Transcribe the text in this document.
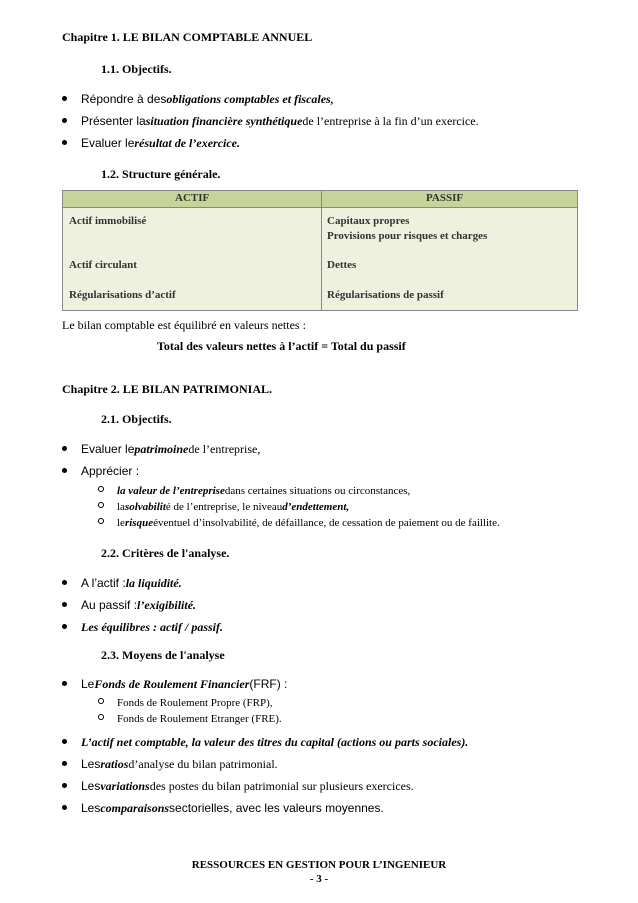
Chapitre 1. LE BILAN COMPTABLE ANNUEL
1.1. Objectifs.
Répondre à des obligations comptables et fiscales,
Présenter la situation financière synthétique de l’entreprise à la fin d’un exercice.
Evaluer le résultat de l’exercice.
1.2. Structure générale.
ACTIF	PASSIF
Actif immobilisé
Actif circulant
Régularisations d’actif
Capitaux propres
Provisions pour risques et charges
Dettes
Régularisations de passif
Le bilan comptable est équilibré en valeurs nettes :
Total des valeurs nettes à l’actif = Total du passif
Chapitre 2. LE BILAN PATRIMONIAL.
2.1. Objectifs.
Evaluer le patrimoine de l’entreprise,
Apprécier :
la valeur de l’entreprise dans certaines situations ou circonstances,
la solvabilit é de l’entreprise, le niveau d’endettement,
le risque éventuel d’insolvabilité, de défaillance, de cessation de paiement ou de faillite.
2.2. Critères de l'analyse.
A l’actif : la liquidité.
Au passif : l’exigibilité.
Les équilibres : actif / passif.
2.3. Moyens de l'analyse
Le Fonds de Roulement Financier (FRF) :
Fonds de Roulement Propre (FRP),
Fonds de Roulement Etranger (FRE).
L’actif net comptable, la valeur des titres du capital (actions ou parts sociales).
Les ratios d’analyse du bilan patrimonial.
Les variations des postes du bilan patrimonial sur plusieurs exercices.
Les comparaisons sectorielles, avec les valeurs moyennes.
RESSOURCES EN GESTION POUR L’INGENIEUR
- 3 -
